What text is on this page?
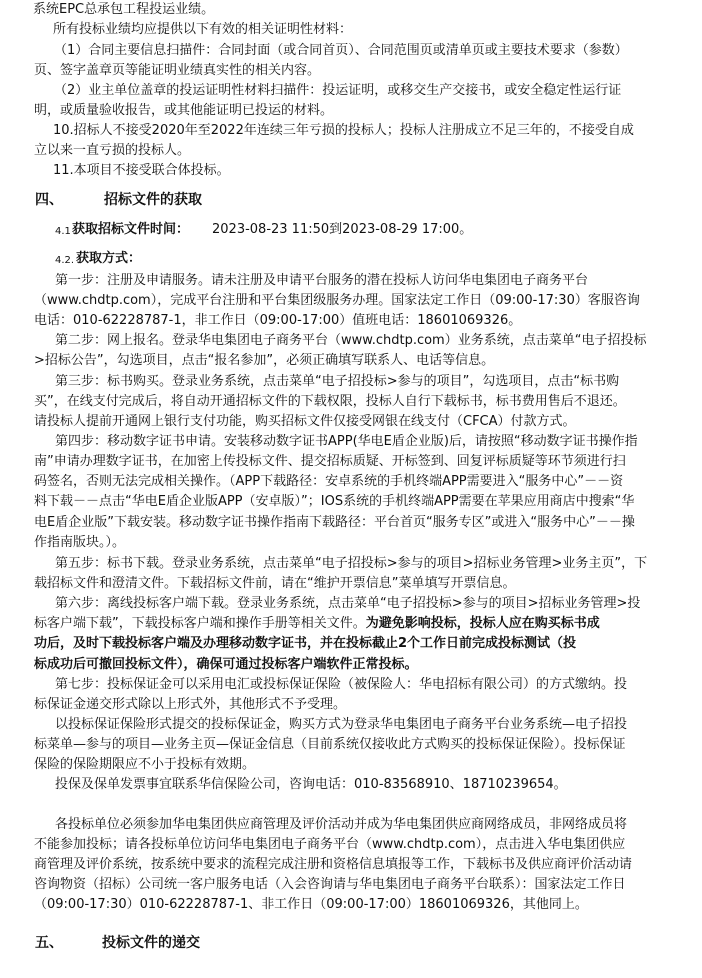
系统EPC总承包工程投运业绩。
所有投标业绩均应提供以下有效的相关证明性材料：
（1）合同主要信息扫描件：合同封面（或合同首页）、合同范围页或清单页或主要技术要求（参数）
页、签字盖章页等能证明业绩真实性的相关内容。
（2）业主单位盖章的投运证明性材料扫描件：投运证明，或移交生产交接书，或安全稳定性运行证
明，或质量验收报告，或其他能证明已投运的材料。
10.招标人不接受2020年至2022年连续三年亏损的投标人；投标人注册成立不足三年的，不接受自成
立以来一直亏损的投标人。
11.本项目不接受联合体投标。
四、	招标文件的获取
4.1 获取招标文件时间： 2023-08-23 11:50到2023-08-29 17:00。
4.2. 获取方式：
第一步：注册及申请服务。请未注册及申请平台服务的潜在投标人访问华电集团电子商务平台
（www.chdtp.com），完成平台注册和平台集团级服务办理。国家法定工作日（09:00-17:30）客服咨询
电话：010-62228787-1，非工作日（09:00-17:00）值班电话：18601069326。
第二步：网上报名。登录华电集团电子商务平台（www.chdtp.com）业务系统，点击菜单“电子招投标
>招标公告”，勾选项目，点击“报名参加”，必须正确填写联系人、电话等信息。
第三步：标书购买。登录业务系统，点击菜单“电子招投标>参与的项目”，勾选项目，点击“标书购
买”，在线支付完成后，将自动开通招标文件的下载权限，投标人自行下载标书，标书费用售后不退还。
请投标人提前开通网上银行支付功能，购买招标文件仅接受网银在线支付（CFCA）付款方式。
第四步：移动数字证书申请。安装移动数字证书APP(华电E盾企业版)后，请按照“移动数字证书操作指
南”申请办理数字证书，在加密上传投标文件、提交招标质疑、开标签到、回复评标质疑等环节须进行扫
码签名，否则无法完成相关操作。（APP下载路径：安卓系统的手机终端APP需要进入“服务中心”－－资
料下载－－点击“华电E盾企业版APP（安卓版）”；IOS系统的手机终端APP需要在苹果应用商店中搜索“华
电E盾企业版”下载安装。移动数字证书操作指南下载路径：平台首页“服务专区”或进入“服务中心”－－操
作指南版块。）。
第五步：标书下载。登录业务系统，点击菜单“电子招投标>参与的项目>招标业务管理>业务主页”，下
载招标文件和澄清文件。下载招标文件前，请在“维护开票信息”菜单填写开票信息。
第六步：离线投标客户端下载。登录业务系统，点击菜单“电子招投标>参与的项目>招标业务管理>投
标客户端下载”，下载投标客户端和操作手册等相关文件。为避免影响投标，投标人应在购买标书成
功后，及时下载投标客户端及办理移动数字证书，并在投标截止2个工作日前完成投标测试（投
标成功后可撤回投标文件），确保可通过投标客户端软件正常投标。
第七步：投标保证金可以采用电汇或投标保证保险（被保险人：华电招标有限公司）的方式缴纳。投
标保证金递交形式除以上形式外，其他形式不予受理。
以投标保证保险形式提交的投标保证金，购买方式为登录华电集团电子商务平台业务系统—电子招投
标菜单—参与的项目—业务主页—保证金信息（目前系统仅接收此方式购买的投标保证保险）。投标保证
保险的保险期限应不小于投标有效期。
投保及保单发票事宜联系华信保险公司，咨询电话：010-83568910、18710239654。
各投标单位必须参加华电集团供应商管理及评价活动并成为华电集团供应商网络成员，非网络成员将
不能参加投标；请各投标单位访问华电集团电子商务平台（www.chdtp.com），点击进入华电集团供应
商管理及评价系统，按系统中要求的流程完成注册和资格信息填报等工作，下载标书及供应商评价活动请
咨询物资（招标）公司统一客户服务电话（入会咨询请与华电集团电子商务平台联系）：国家法定工作日
（09:00-17:30）010-62228787-1、非工作日（09:00-17:00）18601069326，其他同上。
五、	投标文件的递交
